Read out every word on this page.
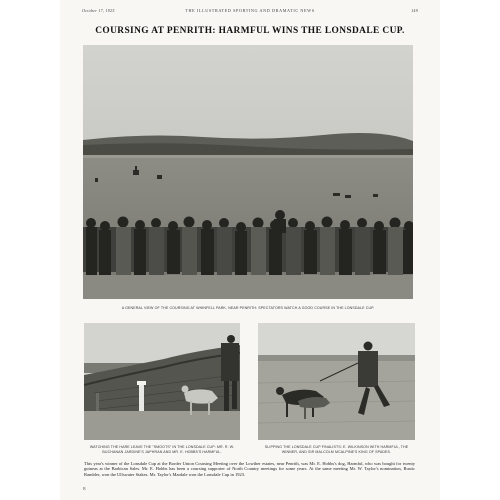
October 17, 1925	THE ILLUSTRATED SPORTING AND DRAMATIC NEWS	149
COURSING AT PENRITH: HARMFUL WINS THE LONSDALE CUP.
A GENERAL VIEW OF THE COURSING AT WHINFELL PARK, NEAR PENRITH: SPECTATORS WATCH A GOOD COURSE IN THE LONSDALE CUP.
WATCHING THE HARE LEAVE THE "SMOOTS" IN THE LONSDALE CUP: MR. R. W. BUCHANAN JARDINE'S JAPHRAN AND MR. E. HOBBS'S HARMFUL.
SLIPPING THE LONSDALE CUP FINALISTS: E. WILKINSON WITH HARMFUL, THE WINNER, AND SIR MALCOLM MCALPINE'S KING OF SPADES.
This year's winner of the Lonsdale Cup at the Border Union Coursing Meeting over the Lowther estates, near Penrith, was Mr. E. Hobbs's dog, Harmful, who was bought for twenty guineas at the Barbican Sales. Mr. E. Hobbs has been a coursing supporter of North Country meetings for some years. At the same meeting Mr. W. Taylor's nomination, Rustic Rambler, won the Ullswater Stakes. Mr. Taylor's Mardale won the Lonsdale Cup in 1923.
B
